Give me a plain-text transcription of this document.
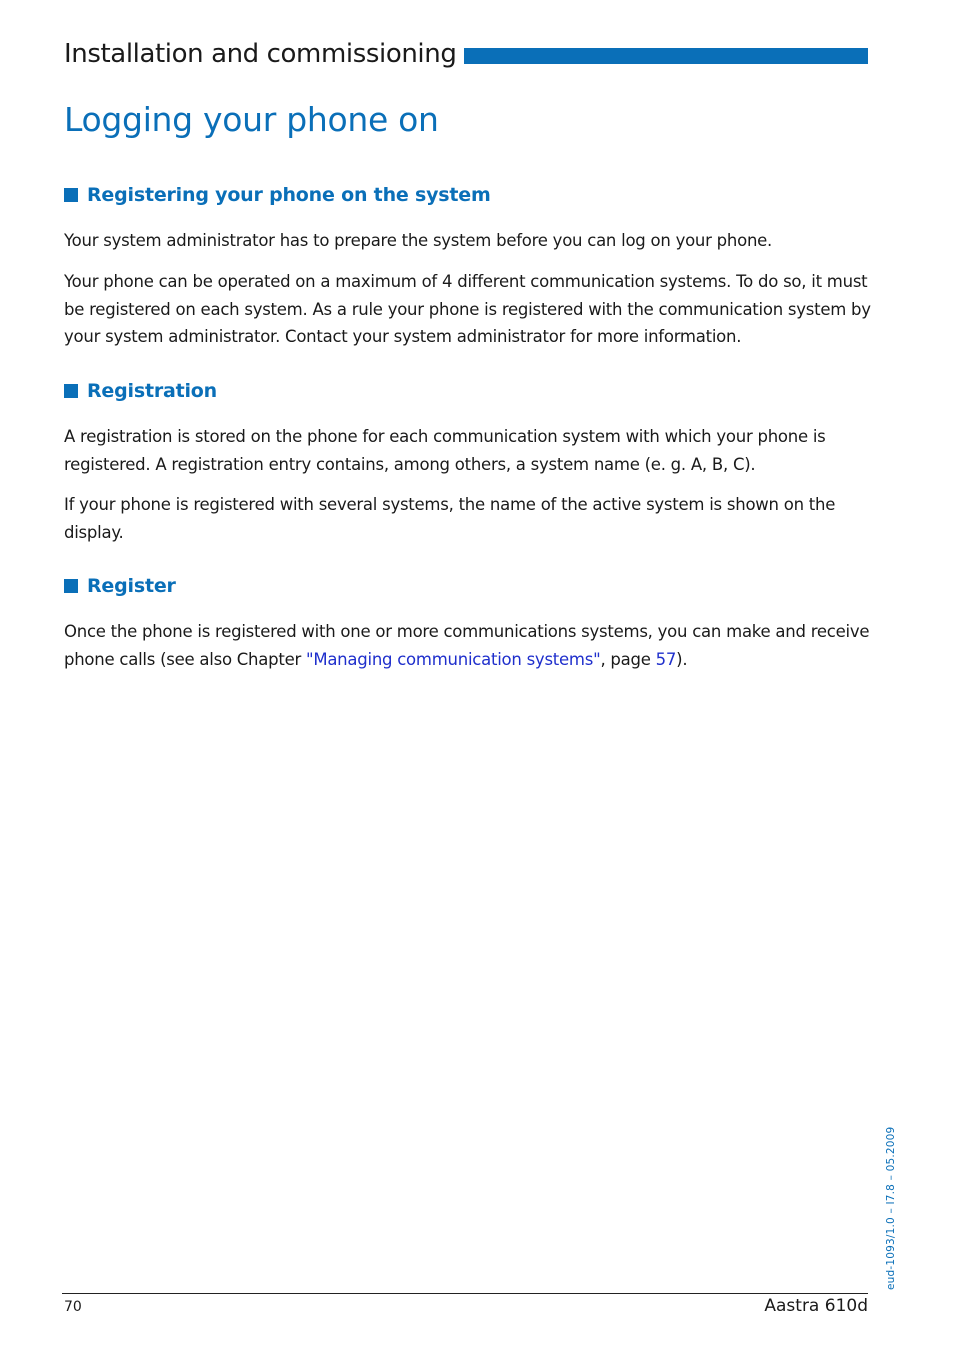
Installation and commissioning
Logging your phone on
Registering your phone on the system

Your system administrator has to prepare the system before you can log on your phone.

Your phone can be operated on a maximum of 4 different communication systems. To do so, it must be registered on each system. As a rule your phone is registered with the communication system by your system administrator. Contact your system administrator for more information.

Registration

A registration is stored on the phone for each communication system with which your phone is registered. A registration entry contains, among others, a system name (e. g. A, B, C).

If your phone is registered with several systems, the name of the active system is shown on the display.

Register

Once the phone is registered with one or more communications systems, you can make and receive phone calls (see also Chapter "Managing communication systems", page 57).

eud-1093/1.0 – I7.8 – 05.2009
70	Aastra 610d
